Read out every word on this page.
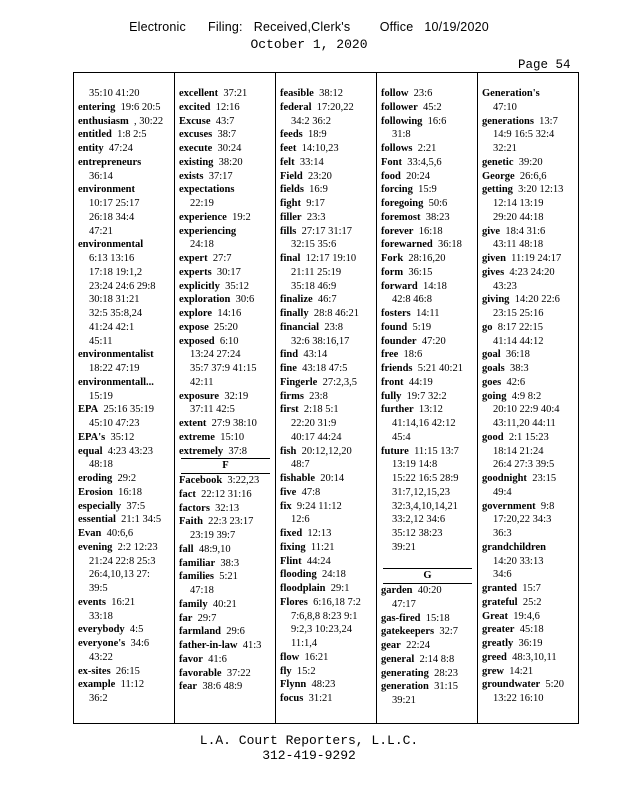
Electronic      Filing:   Received,Clerk's        Office   10/19/2020
October 1, 2020
Page 54
35:10 41:20
entering 19:6 20:5
enthusiasm , 30:22
entitled 1:8 2:5
entity 47:24
entrepreneurs
36:14
environment
10:17 25:17
26:18 34:4
47:21
environmental
6:13 13:16
17:18 19:1,2
23:24 24:6 29:8
30:18 31:21
32:5 35:8,24
41:24 42:1
45:11
environmentalist
18:22 47:19
environmentall...
15:19
EPA 25:16 35:19
45:10 47:23
EPA's 35:12
equal 4:23 43:23
48:18
eroding 29:2
Erosion 16:18
especially 37:5
essential 21:1 34:5
Evan 40:6,6
evening 2:2 12:23
21:24 22:8 25:3
26:4,10,13 27:
39:5
events 16:21
33:18
everybody 4:5
everyone's 34:6
43:22
ex-sites 26:15
example 11:12
36:2
excellent 37:21
excited 12:16
Excuse 43:7
excuses 38:7
execute 30:24
existing 38:20
exists 37:17
expectations
22:19
experience 19:2
experiencing
24:18
expert 27:7
experts 30:17
explicitly 35:12
exploration 30:6
explore 14:16
expose 25:20
exposed 6:10
13:24 27:24
35:7 37:9 41:15
42:11
exposure 32:19
37:11 42:5
extent 27:9 38:10
extreme 15:10
extremely 37:8
F
Facebook 3:22,23
fact 22:12 31:16
factors 32:13
Faith 22:3 23:17
23:19 39:7
fall 48:9,10
familiar 38:3
families 5:21
47:18
family 40:21
far 29:7
farmland 29:6
father-in-law 41:3
favor 41:6
favorable 37:22
fear 38:6 48:9
feasible 38:12
federal 17:20,22
34:2 36:2
feeds 18:9
feet 14:10,23
felt 33:14
Field 23:20
fields 16:9
fight 9:17
filler 23:3
fills 27:17 31:17
32:15 35:6
final 12:17 19:10
21:11 25:19
35:18 46:9
finalize 46:7
finally 28:8 46:21
financial 23:8
32:6 38:16,17
find 43:14
fine 43:18 47:5
Fingerle 27:2,3,5
firms 23:8
first 2:18 5:1
22:20 31:9
40:17 44:24
fish 20:12,12,20
48:7
fishable 20:14
five 47:8
fix 9:24 11:12
12:6
fixed 12:13
fixing 11:21
Flint 44:24
flooding 24:18
floodplain 29:1
Flores 6:16,18 7:2
7:6,8,8 8:23 9:1
9:2,3 10:23,24
11:1,4
flow 16:21
fly 15:2
Flynn 48:23
focus 31:21
follow 23:6
follower 45:2
following 16:6
31:8
follows 2:21
Font 33:4,5,6
food 20:24
forcing 15:9
foregoing 50:6
foremost 38:23
forever 16:18
forewarned 36:18
Fork 28:16,20
form 36:15
forward 14:18
42:8 46:8
fosters 14:11
found 5:19
founder 47:20
free 18:6
friends 5:21 40:21
front 44:19
fully 19:7 32:2
further 13:12
41:14,16 42:12
45:4
future 11:15 13:7
13:19 14:8
15:22 16:5 28:9
31:7,12,15,23
32:3,4,10,14,21
33:2,12 34:6
35:12 38:23
39:21

G
garden 40:20
47:17
gas-fired 15:18
gatekeepers 32:7
gear 22:24
general 2:14 8:8
generating 28:23
generation 31:15
39:21
Generation's
47:10
generations 13:7
14:9 16:5 32:4
32:21
genetic 39:20
George 26:6,6
getting 3:20 12:13
12:14 13:19
29:20 44:18
give 18:4 31:6
43:11 48:18
given 11:19 24:17
gives 4:23 24:20
43:23
giving 14:20 22:6
23:15 25:16
go 8:17 22:15
41:14 44:12
goal 36:18
goals 38:3
goes 42:6
going 4:9 8:2
20:10 22:9 40:4
43:11,20 44:11
good 2:1 15:23
18:14 21:24
26:4 27:3 39:5
goodnight 23:15
49:4
government 9:8
17:20,22 34:3
36:3
grandchildren
14:20 33:13
34:6
granted 15:7
grateful 25:2
Great 19:4,6
greater 45:18
greatly 36:19
greed 48:3,10,11
grew 14:21
groundwater 5:20
13:22 16:10
L.A. Court Reporters, L.L.C.
312-419-9292
